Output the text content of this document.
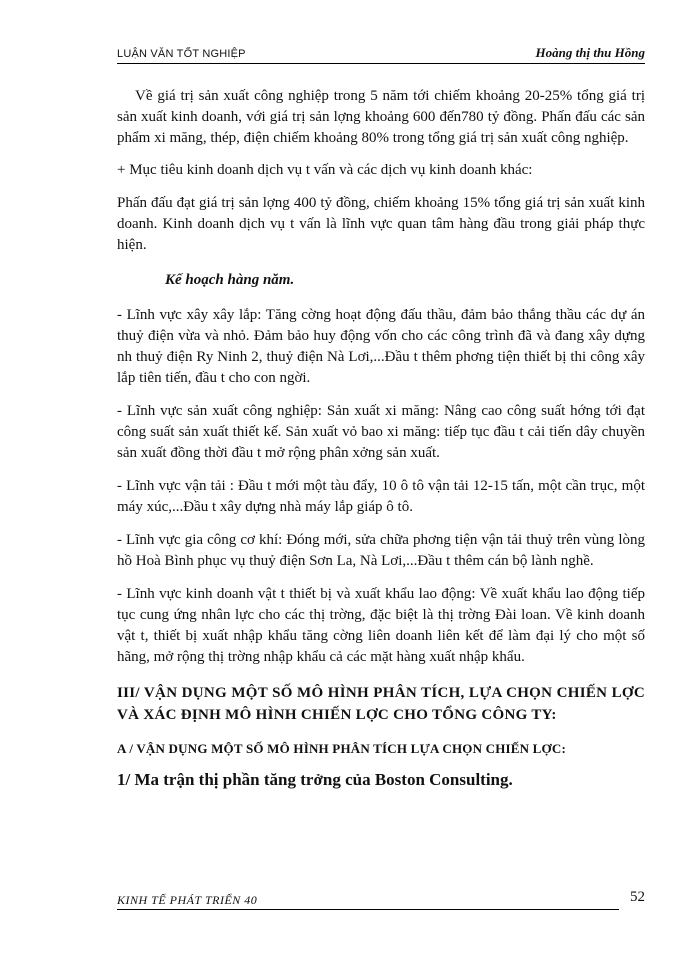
LUẬN VĂN TỐT NGHIỆP	Hoàng thị thu Hồng

Về giá trị sản xuất công nghiệp trong 5 năm tới chiếm khoảng 20-25% tổng giá trị sản xuất kinh doanh, với giá trị sản lợng khoảng 600 đến780 tỷ đồng. Phấn đấu các sản phẩm xi măng, thép, điện chiếm khoảng 80% trong tổng giá trị sản xuất công nghiệp.

+ Mục tiêu kinh doanh dịch vụ t vấn và các dịch vụ kinh doanh khác:

Phấn đấu đạt giá trị sản lợng 400 tỷ đồng, chiếm khoảng 15% tổng giá trị sản xuất kinh doanh. Kinh doanh dịch vụ t vấn là lĩnh vực quan tâm hàng đầu trong giải pháp thực hiện.

Kế hoạch hàng năm.

- Lĩnh vực xây xây lắp: Tăng cờng hoạt động đấu thầu, đảm bảo thắng thầu các dự án thuỷ điện vừa và nhỏ. Đảm bảo huy động vốn cho các công trình đã và đang xây dựng nh thuỷ điện Ry Ninh 2, thuỷ điện Nà Lơi,...Đầu t thêm phơng tiện thiết bị thi công xây lắp tiên tiến, đầu t cho con ngời.

- Lĩnh vực sản xuất công nghiệp: Sản xuất xi măng: Nâng cao công suất hớng tới đạt công suất sản xuất thiết kế. Sản xuất vỏ bao xi măng: tiếp tục đầu t cải tiến dây chuyền sản xuất đồng thời đầu t mở rộng phân xởng sản xuất.

- Lĩnh vực vận tải : Đầu t mới một tàu đẩy, 10 ô tô vận tải 12-15 tấn, một cần trục, một máy xúc,...Đầu t xây dựng nhà máy lắp giáp ô tô.

- Lĩnh vực gia công cơ khí: Đóng mới, sửa chữa phơng tiện vận tải thuỷ trên vùng lòng hồ Hoà Bình phục vụ thuỷ điện Sơn La, Nà Lơi,...Đầu t thêm cán bộ lành nghề.

- Lĩnh vực kinh doanh vật t thiết bị và xuất khẩu lao động: Về xuất khẩu lao động tiếp tục cung ứng nhân lực cho các thị trờng, đặc biệt là thị trờng Đài loan. Về kinh doanh vật t, thiết bị xuất nhập khẩu tăng cờng liên doanh liên kết để làm đại lý cho một số hãng, mở rộng thị trờng nhập khẩu cả các mặt hàng xuất nhập khẩu.

III/ VẬN DỤNG MỘT SỐ MÔ HÌNH PHÂN TÍCH, LỰA CHỌN CHIẾN LỢC VÀ XÁC ĐỊNH MÔ HÌNH CHIẾN LỢC CHO TỔNG CÔNG TY:

A / VẬN DỤNG MỘT SỐ MÔ HÌNH PHÂN TÍCH LỰA CHỌN CHIẾN LỢC:

1/ Ma trận thị phần tăng trởng của Boston Consulting.

KINH TẾ PHÁT TRIỂN 40	52
